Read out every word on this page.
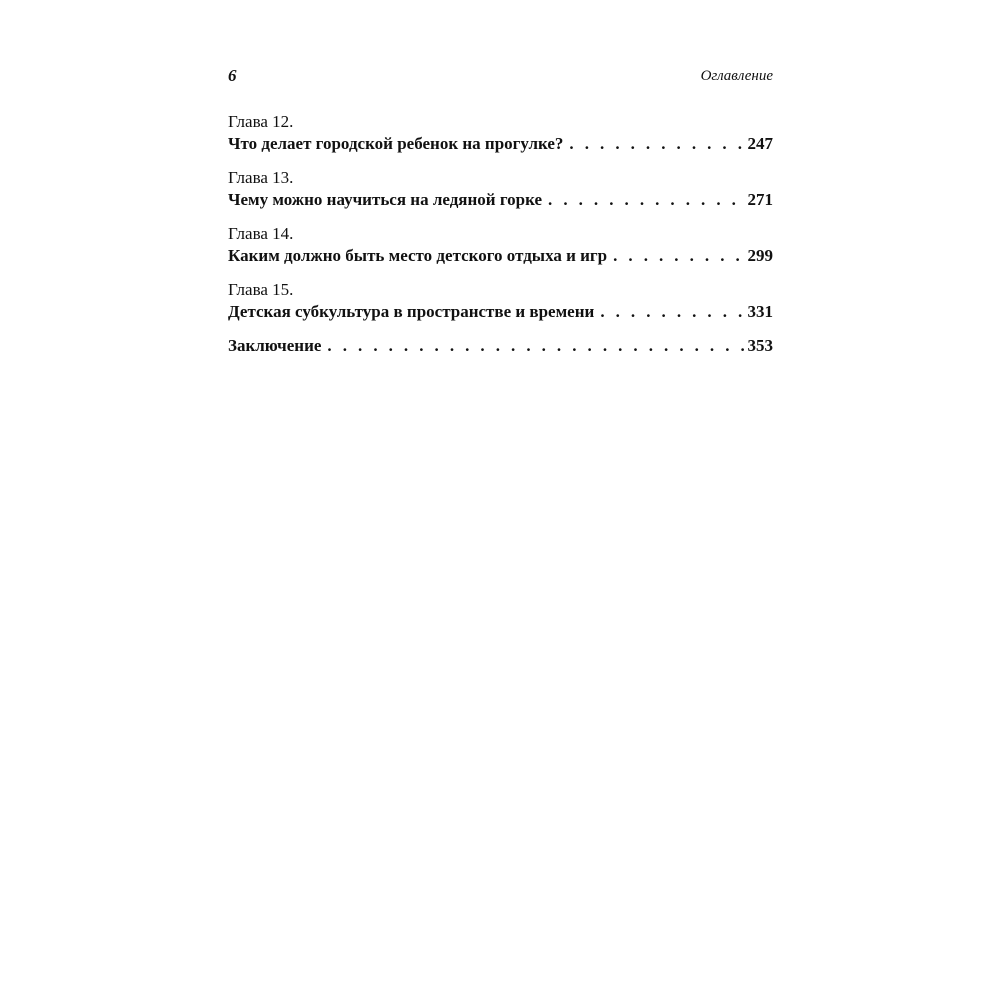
6	Оглавление
Глава 12.
Что делает городской ребенок на прогулке? . . .	247
Глава 13.
Чему можно научиться на ледяной горке . . .	271
Глава 14.
Каким должно быть место детского отдыха и игр . . .	299
Глава 15.
Детская субкультура в пространстве и времени . . .	331
Заключение . . .	353
